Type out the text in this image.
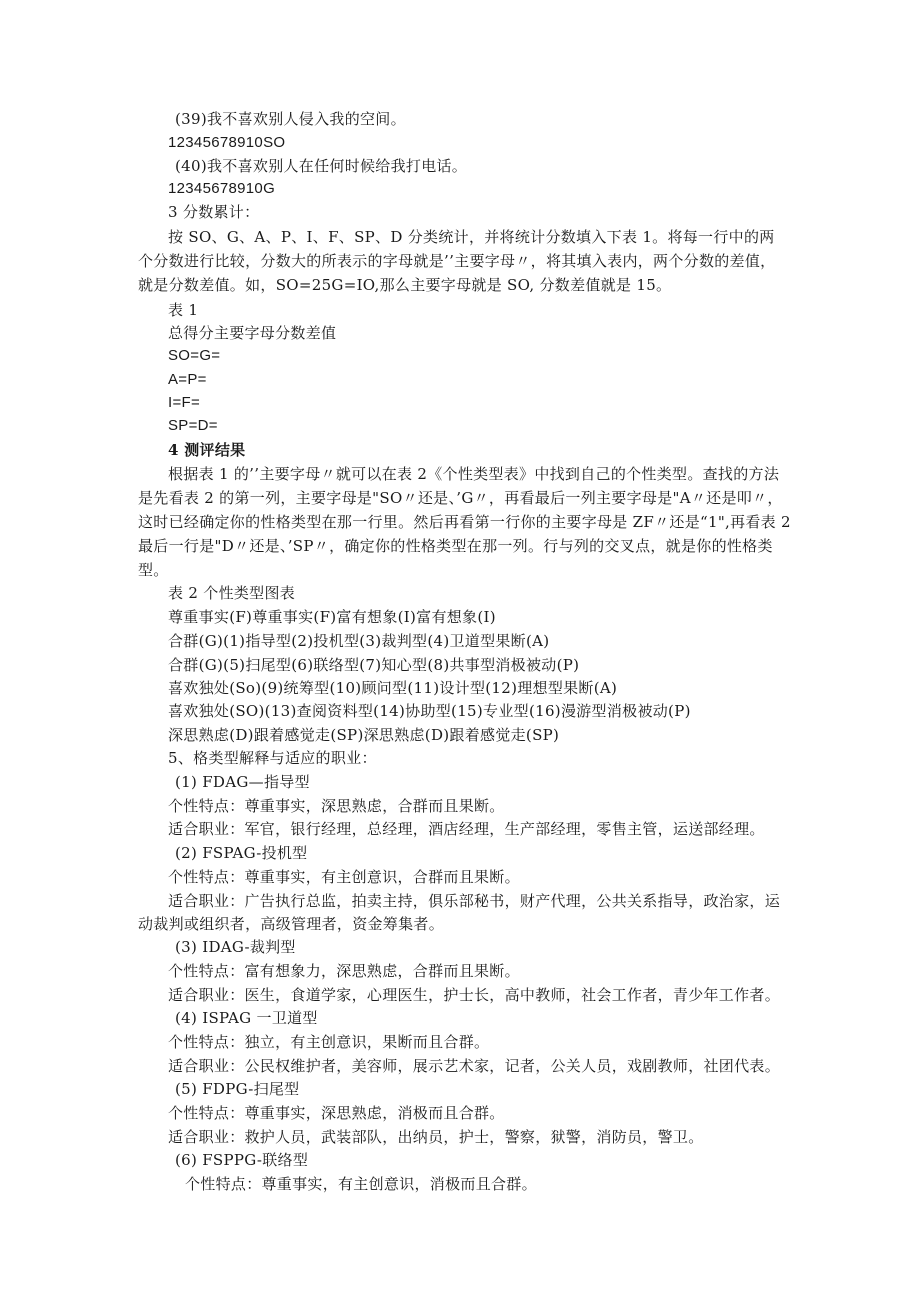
(39)我不喜欢别人侵入我的空间。
12345678910SO
(40)我不喜欢别人在任何时候给我打电话。
12345678910G
3 分数累计：
按 SO、G、A、P、I、F、SP、D 分类统计，并将统计分数填入下表 1。将每一行中的两
个分数进行比较，分数大的所表示的字母就是’’主要字母〃，将其填入表内，两个分数的差值，
就是分数差值。如，SO=25G=IO,那么主要字母就是 SO, 分数差值就是 15。
表 1
总得分主要字母分数差值
SO=G=
A=P=
I=F=
SP=D=
4 测评结果
根据表 1 的’’主要字母〃就可以在表 2《个性类型表》中找到自己的个性类型。查找的方法
是先看表 2 的第一列，主要字母是"SO〃还是、’G〃，再看最后一列主要字母是"A〃还是叩〃，
这时已经确定你的性格类型在那一行里。然后再看第一行你的主要字母是 ZF〃还是“1",再看表 2
最后一行是"D〃还是、’SP〃，确定你的性格类型在那一列。行与列的交叉点，就是你的性格类
型。
表 2 个性类型图表
尊重事实(F)尊重事实(F)富有想象(I)富有想象(I)
合群(G)(1)指导型(2)投机型(3)裁判型(4)卫道型果断(A)
合群(G)(5)扫尾型(6)联络型(7)知心型(8)共事型消极被动(P)
喜欢独处(So)(9)统筹型(10)顾问型(11)设计型(12)理想型果断(A)
喜欢独处(SO)(13)查阅资料型(14)协助型(15)专业型(16)漫游型消极被动(P)
深思熟虑(D)跟着感觉走(SP)深思熟虑(D)跟着感觉走(SP)
5、格类型解释与适应的职业：
(1) FDAG—指导型
个性特点：尊重事实，深思熟虑，合群而且果断。
适合职业：军官，银行经理，总经理，酒店经理，生产部经理，零售主管，运送部经理。
(2) FSPAG-投机型
个性特点：尊重事实，有主创意识，合群而且果断。
适合职业：广告执行总监，拍卖主持，俱乐部秘书，财产代理，公共关系指导，政治家，运
动裁判或组织者，高级管理者，资金筹集者。
(3) IDAG-裁判型
个性特点：富有想象力，深思熟虑，合群而且果断。
适合职业：医生，食道学家，心理医生，护士长，高中教师，社会工作者，青少年工作者。
(4) ISPAG 一卫道型
个性特点：独立，有主创意识，果断而且合群。
适合职业：公民权维护者，美容师，展示艺术家，记者，公关人员，戏剧教师，社团代表。
(5) FDPG-扫尾型
个性特点：尊重事实，深思熟虑，消极而且合群。
适合职业：救护人员，武装部队，出纳员，护士，警察，狱警，消防员，警卫。
(6) FSPPG-联络型
个性特点：尊重事实，有主创意识，消极而且合群。
